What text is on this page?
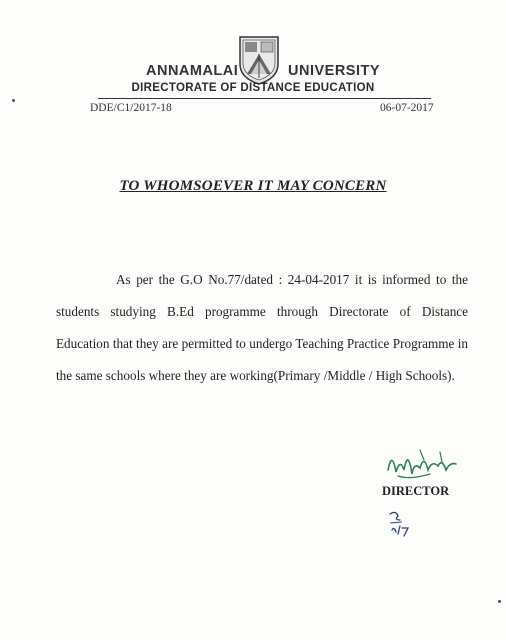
ANNAMALAI	UNIVERSITY
DIRECTORATE OF DISTANCE EDUCATION
DDE/C1/2017-18	06-07-2017
TO WHOMSOEVER IT MAY CONCERN
As per the G.O No.77/dated : 24-04-2017 it is informed to the students studying B.Ed programme through Directorate of Distance Education that they are permitted to undergo Teaching Practice Programme in the same schools where they are working(Primary /Middle / High Schools).
DIRECTOR
